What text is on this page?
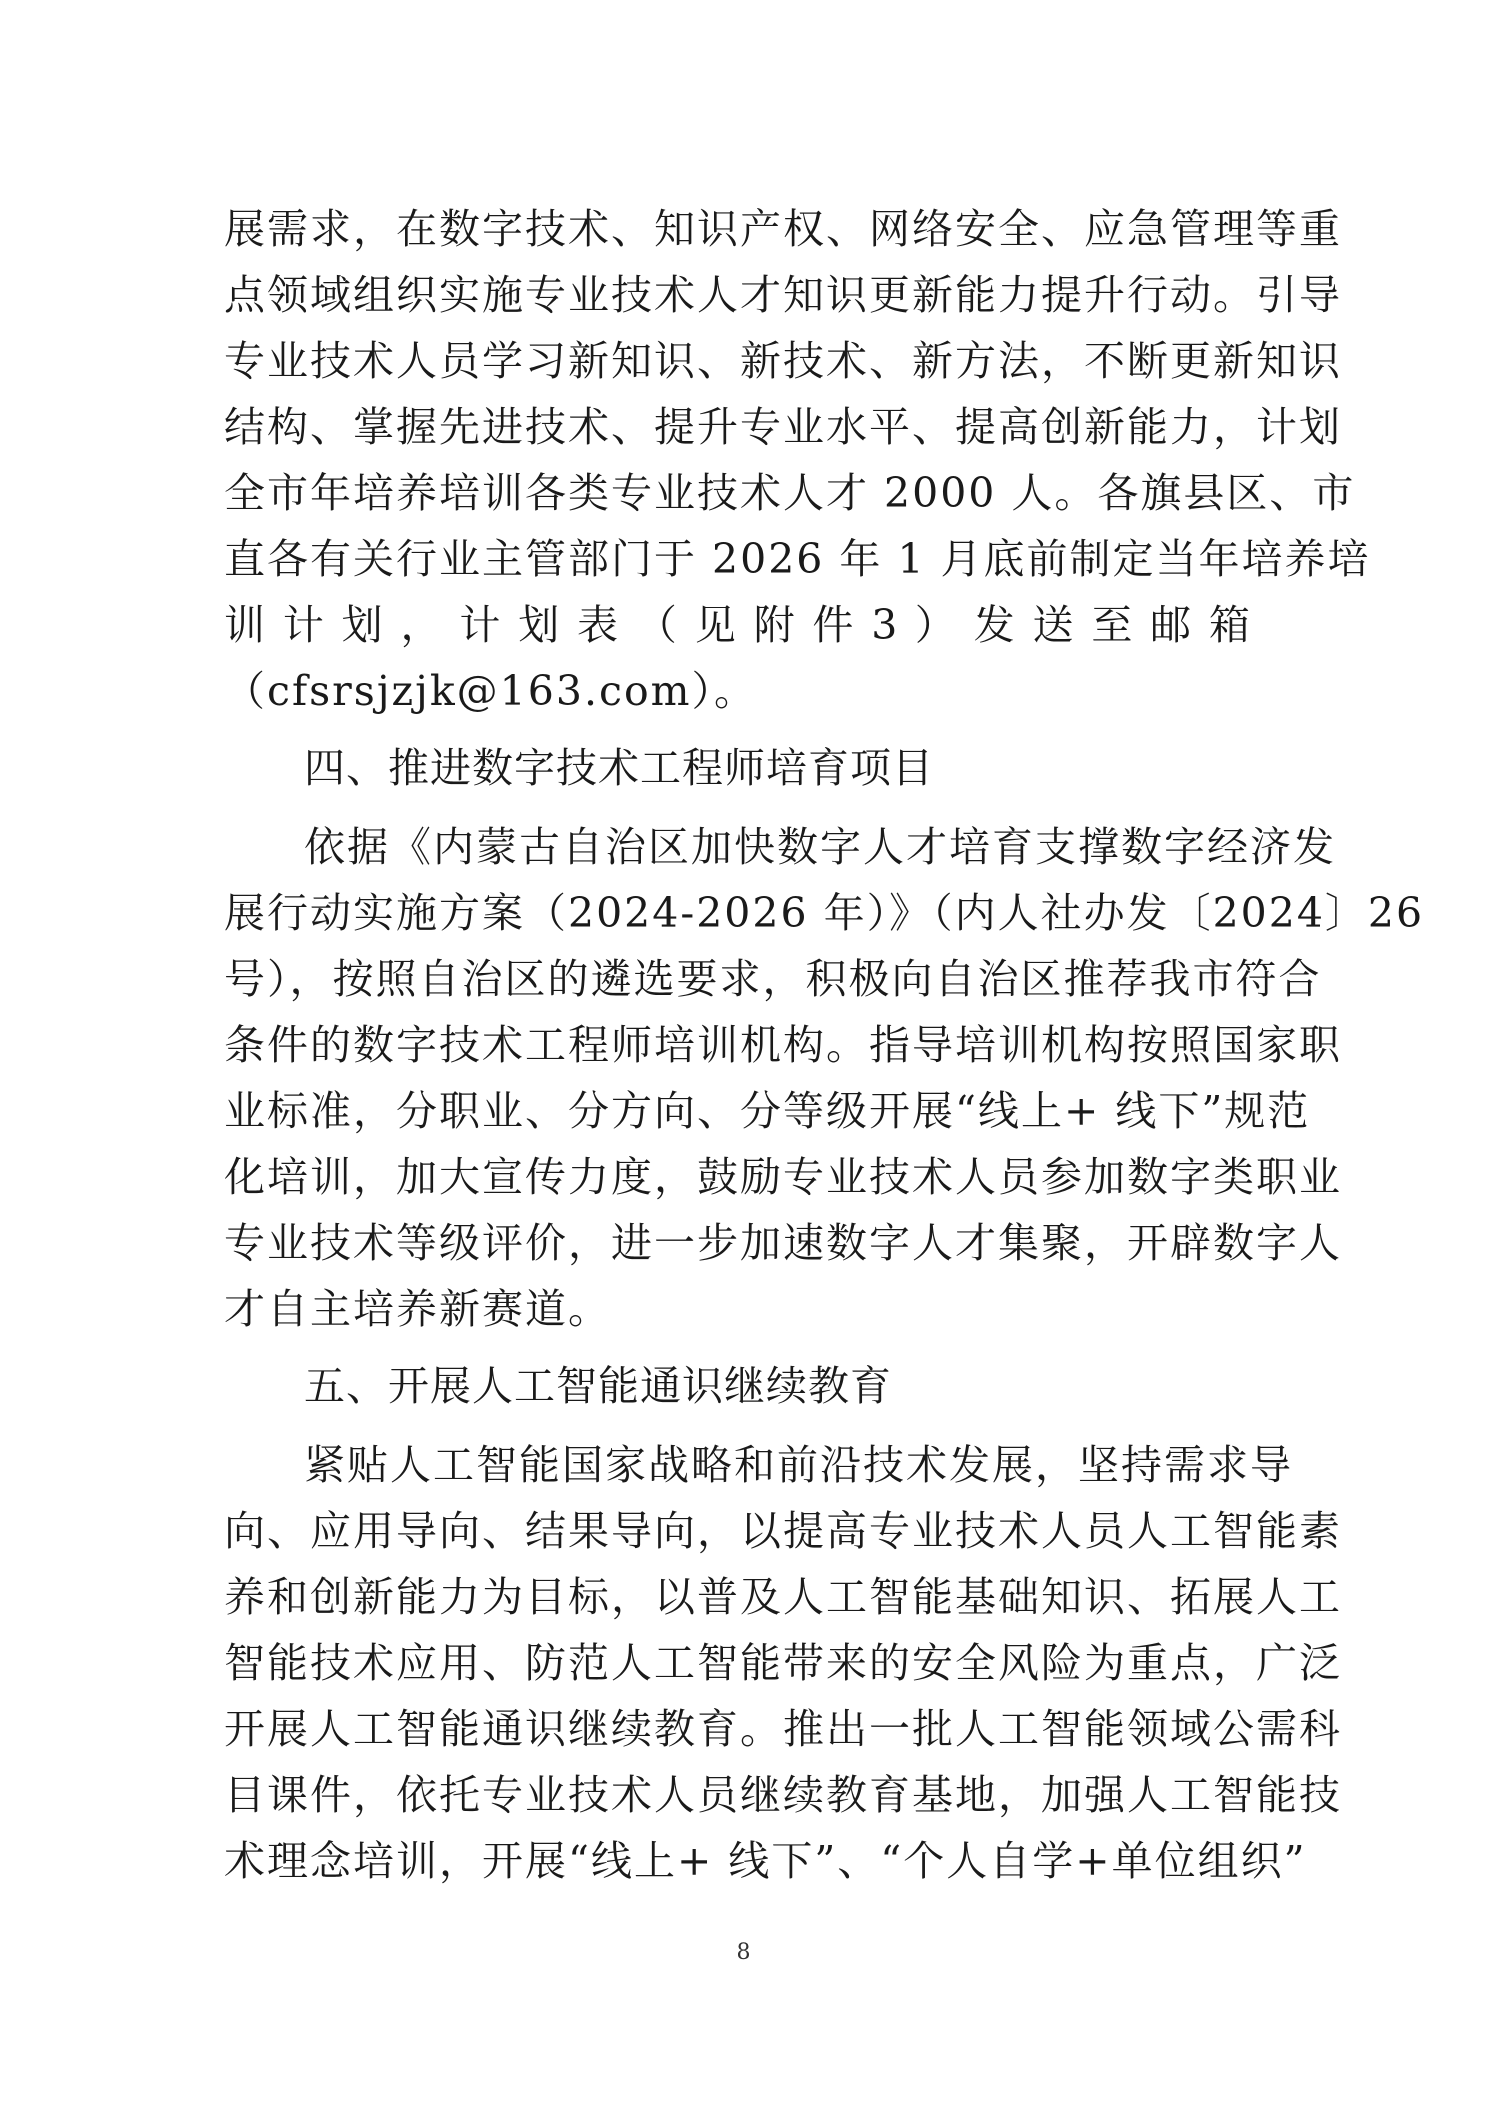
展需求，在数字技术、知识产权、网络安全、应急管理等重
点领域组织实施专业技术人才知识更新能力提升行动。引导
专业技术人员学习新知识、新技术、新方法，不断更新知识
结构、掌握先进技术、提升专业水平、提高创新能力，计划
全市年培养培训各类专业技术人才 2000 人。各旗县区、市
直各有关行业主管部门于 2026 年 1 月底前制定当年培养培
训 计 划 ， 计 划 表 （ 见 附 件 3 ） 发 送 至 邮 箱
（cfsrsjzjk@163.com）。
四、推进数字技术工程师培育项目
依据《内蒙古自治区加快数字人才培育支撑数字经济发
展行动实施方案（2024-2026 年）》（内人社办发〔2024〕26
号），按照自治区的遴选要求，积极向自治区推荐我市符合
条件的数字技术工程师培训机构。指导培训机构按照国家职
业标准，分职业、分方向、分等级开展“线上+ 线下”规范
化培训，加大宣传力度，鼓励专业技术人员参加数字类职业
专业技术等级评价，进一步加速数字人才集聚，开辟数字人
才自主培养新赛道。
五、开展人工智能通识继续教育
紧贴人工智能国家战略和前沿技术发展，坚持需求导
向、应用导向、结果导向，以提高专业技术人员人工智能素
养和创新能力为目标，以普及人工智能基础知识、拓展人工
智能技术应用、防范人工智能带来的安全风险为重点，广泛
开展人工智能通识继续教育。推出一批人工智能领域公需科
目课件，依托专业技术人员继续教育基地，加强人工智能技
术理念培训，开展“线上+ 线下”、“个人自学+单位组织”
8
